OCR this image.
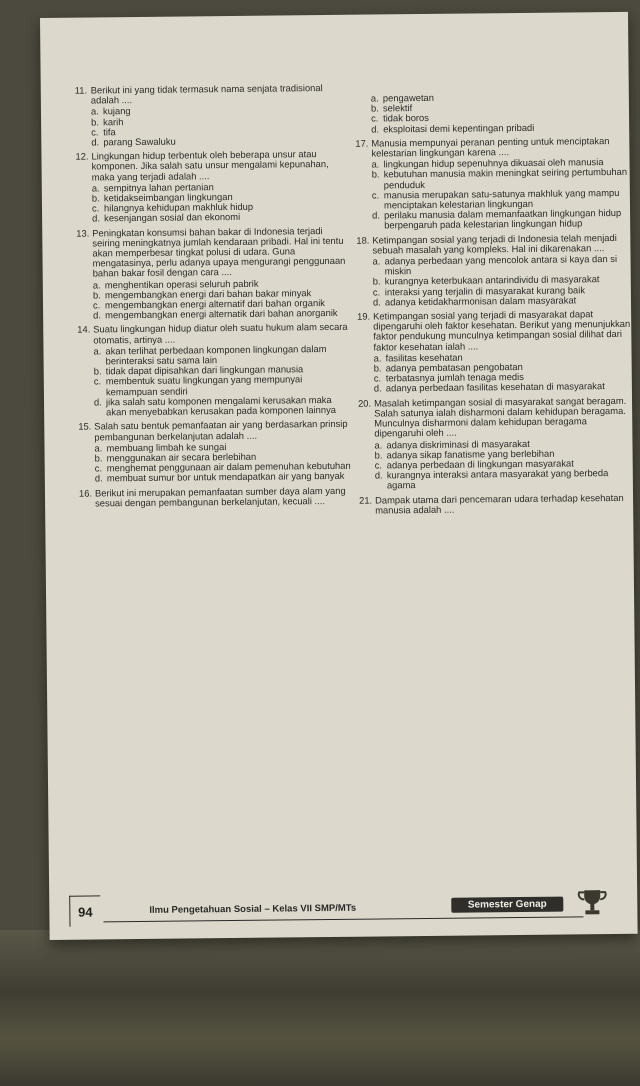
11. Berikut ini yang tidak termasuk nama senjata tradisional adalah ....
a. kujang
b. karih
c. tifa
d. parang Sawaluku
12. Lingkungan hidup terbentuk oleh beberapa unsur atau komponen. Jika salah satu unsur mengalami kepunahan, maka yang terjadi adalah ....
a. sempitnya lahan pertanian
b. ketidakseimbangan lingkungan
c. hilangnya kehidupan makhluk hidup
d. kesenjangan sosial dan ekonomi
13. Peningkatan konsumsi bahan bakar di Indonesia terjadi seiring meningkatnya jumlah kendaraan pribadi. Hal ini tentu akan memperbesar tingkat polusi di udara. Guna mengatasinya, perlu adanya upaya mengurangi penggunaan bahan bakar fosil dengan cara ....
a. menghentikan operasi seluruh pabrik
b. mengembangkan energi dari bahan bakar minyak
c. mengembangkan energi alternatif dari bahan organik
d. mengembangkan energi alternatik dari bahan anorganik
14. Suatu lingkungan hidup diatur oleh suatu hukum alam secara otomatis, artinya ....
a. akan terlihat perbedaan komponen lingkungan dalam berinteraksi satu sama lain
b. tidak dapat dipisahkan dari lingkungan manusia
c. membentuk suatu lingkungan yang mempunyai kemampuan sendiri
d. jika salah satu komponen mengalami kerusakan maka akan menyebabkan kerusakan pada komponen lainnya
15. Salah satu bentuk pemanfaatan air yang berdasarkan prinsip pembangunan berkelanjutan adalah ....
a. membuang limbah ke sungai
b. menggunakan air secara berlebihan
c. menghemat penggunaan air dalam pemenuhan kebutuhan
d. membuat sumur bor untuk mendapatkan air yang banyak
16. Berikut ini merupakan pemanfaatan sumber daya alam yang sesuai dengan pembangunan berkelanjutan, kecuali ....
a. pengawetan
b. selektif
c. tidak boros
d. eksploitasi demi kepentingan pribadi
17. Manusia mempunyai peranan penting untuk menciptakan kelestarian lingkungan karena ....
a. lingkungan hidup sepenuhnya dikuasai oleh manusia
b. kebutuhan manusia makin meningkat seiring pertumbuhan penduduk
c. manusia merupakan satu-satunya makhluk yang mampu menciptakan kelestarian lingkungan
d. perilaku manusia dalam memanfaatkan lingkungan hidup berpengaruh pada kelestarian lingkungan hidup
18. Ketimpangan sosial yang terjadi di Indonesia telah menjadi sebuah masalah yang kompleks. Hal ini dikarenakan ....
a. adanya perbedaan yang mencolok antara si kaya dan si miskin
b. kurangnya keterbukaan antarindividu di masyarakat
c. interaksi yang terjalin di masyarakat kurang baik
d. adanya ketidakharmonisan dalam masyarakat
19. Ketimpangan sosial yang terjadi di masyarakat dapat dipengaruhi oleh faktor kesehatan. Berikut yang menunjukkan faktor pendukung munculnya ketimpangan sosial dilihat dari faktor kesehatan ialah ....
a. fasilitas kesehatan
b. adanya pembatasan pengobatan
c. terbatasnya jumlah tenaga medis
d. adanya perbedaan fasilitas kesehatan di masyarakat
20. Masalah ketimpangan sosial di masyarakat sangat beragam. Salah satunya ialah disharmoni dalam kehidupan beragama. Munculnya disharmoni dalam kehidupan beragama dipengaruhi oleh ....
a. adanya diskriminasi di masyarakat
b. adanya sikap fanatisme yang berlebihan
c. adanya perbedaan di lingkungan masyarakat
d. kurangnya interaksi antara masyarakat yang berbeda agama
21. Dampak utama dari pencemaran udara terhadap kesehatan manusia adalah ....
94	Ilmu Pengetahuan Sosial – Kelas VII SMP/MTs	Semester Genap
